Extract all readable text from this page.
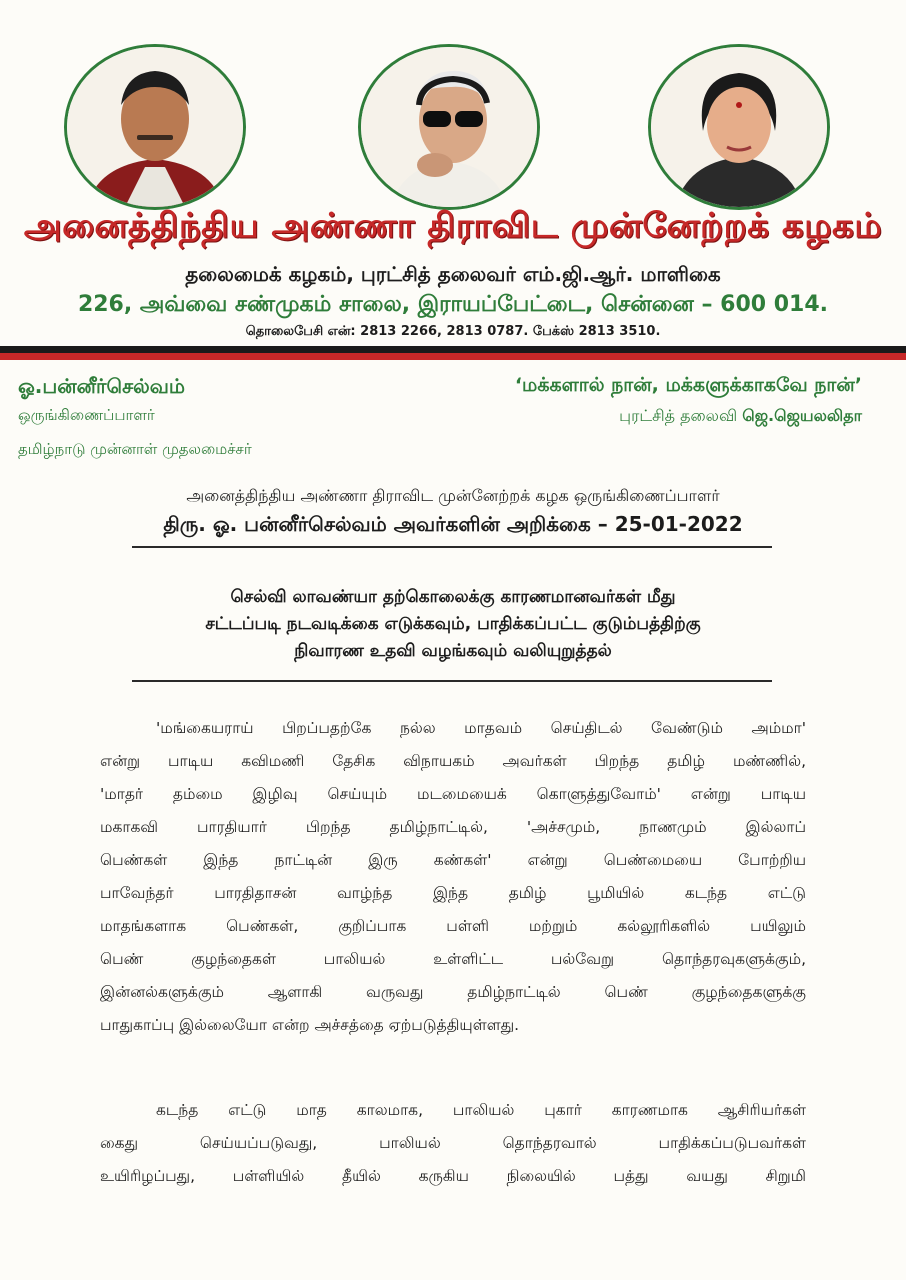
அனைத்திந்திய அண்ணா திராவிட முன்னேற்றக் கழகம்
தலைமைக் கழகம், புரட்சித் தலைவர் எம்.ஜி.ஆர். மாளிகை
226, அவ்வை சண்முகம் சாலை, இராயப்பேட்டை, சென்னை – 600 014.
தொலைபேசி என்: 2813 2266, 2813 0787. பேக்ஸ் 2813 3510.
ஓ.பன்னீர்செல்வம்
ஒருங்கிணைப்பாளர்
தமிழ்நாடு முன்னாள் முதலமைச்சர்
‘மக்களால் நான், மக்களுக்காகவே நான்’
புரட்சித் தலைவி ஜெ.ஜெயலலிதா
அனைத்திந்திய அண்ணா திராவிட முன்னேற்றக் கழக ஒருங்கிணைப்பாளர்
திரு. ஓ. பன்னீர்செல்வம் அவர்களின் அறிக்கை – 25-01-2022
செல்வி லாவண்யா தற்கொலைக்கு காரணமானவர்கள் மீது
சட்டப்படி நடவடிக்கை எடுக்கவும், பாதிக்கப்பட்ட குடும்பத்திற்கு
நிவாரண உதவி வழங்கவும் வலியுறுத்தல்
'மங்கையராய் பிறப்பதற்கே நல்ல மாதவம் செய்திடல் வேண்டும் அம்மா'
என்று பாடிய கவிமணி தேசிக விநாயகம் அவர்கள் பிறந்த தமிழ் மண்ணில்,
'மாதர் தம்மை இழிவு செய்யும் மடமையைக் கொளுத்துவோம்' என்று பாடிய
மகாகவி பாரதியார் பிறந்த தமிழ்நாட்டில், 'அச்சமும், நாணமும் இல்லாப்
பெண்கள் இந்த நாட்டின் இரு கண்கள்' என்று பெண்மையை போற்றிய
பாவேந்தர் பாரதிதாசன் வாழ்ந்த இந்த தமிழ் பூமியில் கடந்த எட்டு
மாதங்களாக பெண்கள், குறிப்பாக பள்ளி மற்றும் கல்லூரிகளில் பயிலும்
பெண் குழந்தைகள் பாலியல் உள்ளிட்ட பல்வேறு தொந்தரவுகளுக்கும்,
இன்னல்களுக்கும் ஆளாகி வருவது தமிழ்நாட்டில் பெண் குழந்தைகளுக்கு
பாதுகாப்பு இல்லையோ என்ற அச்சத்தை ஏற்படுத்தியுள்ளது.
கடந்த எட்டு மாத காலமாக, பாலியல் புகார் காரணமாக ஆசிரியர்கள்
கைது செய்யப்படுவது, பாலியல் தொந்தரவால் பாதிக்கப்படுபவர்கள்
உயிரிழப்பது, பள்ளியில் தீயில் கருகிய நிலையில் பத்து வயது சிறுமி
